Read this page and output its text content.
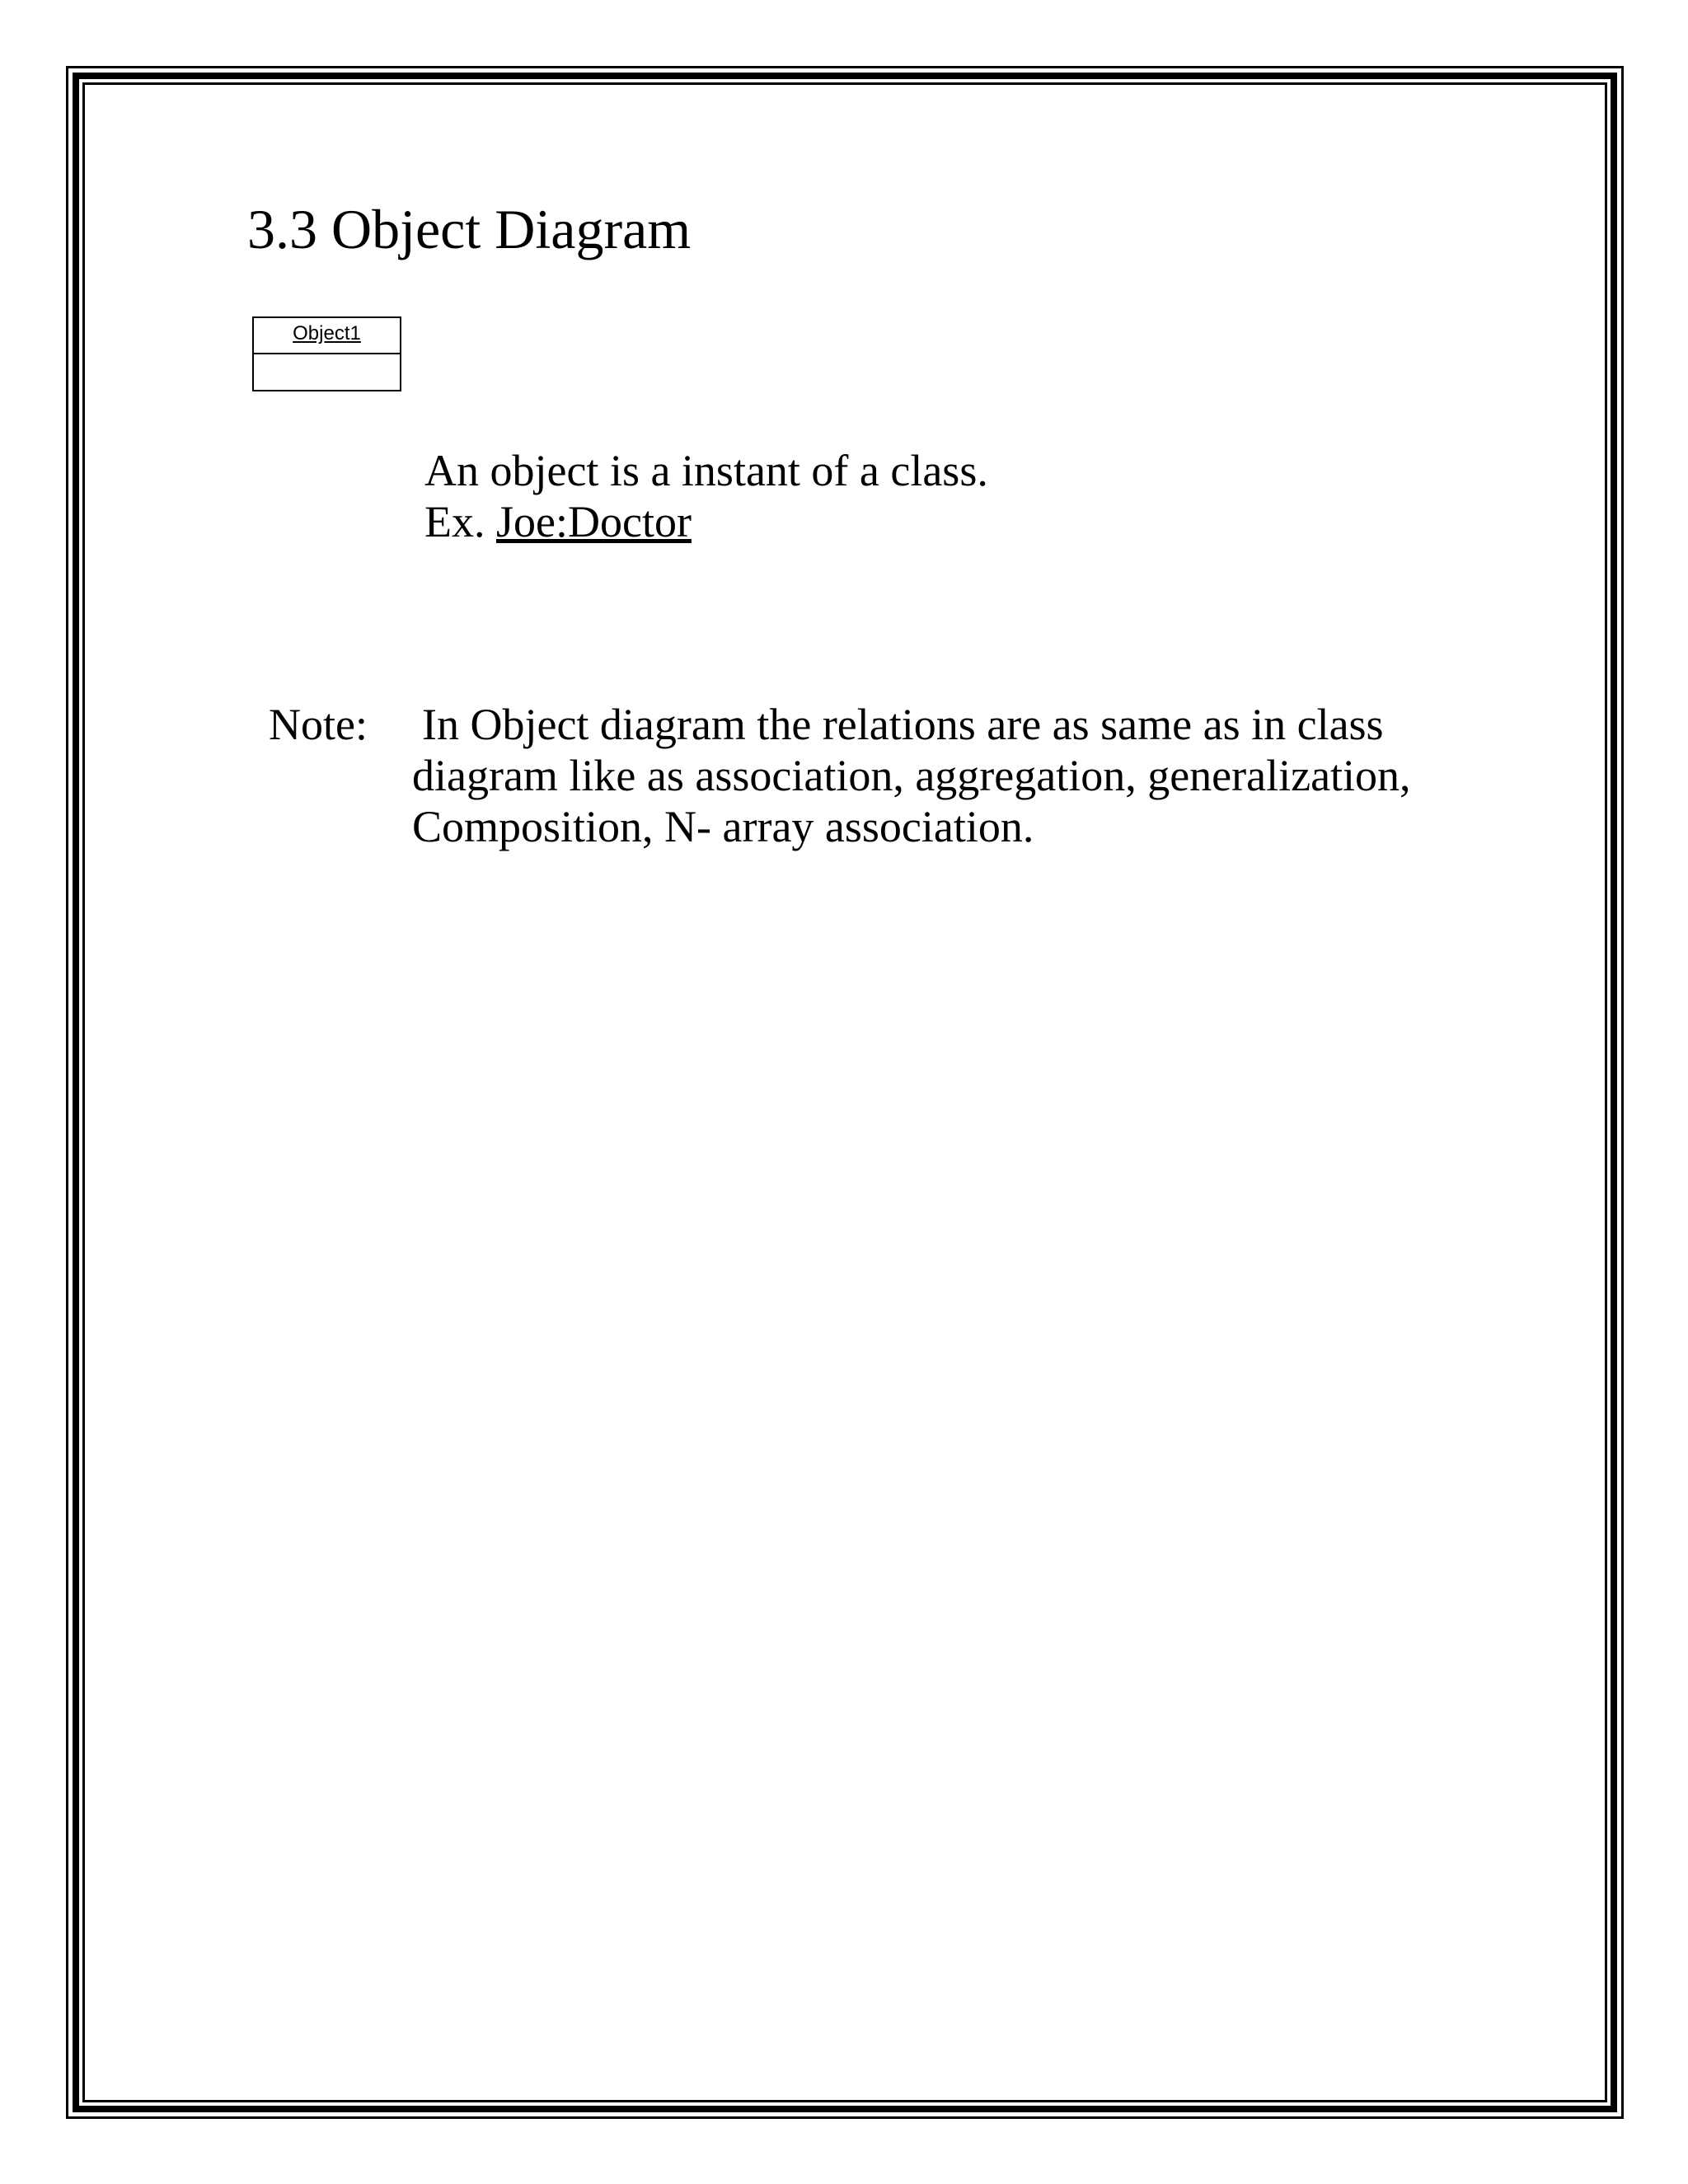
3.3 Object Diagram
Object1
An object is a instant of a class.
Ex. Joe:Doctor
Note: In Object diagram the relations are as same as in class
diagram like as association, aggregation, generalization,
Composition, N- array association.
